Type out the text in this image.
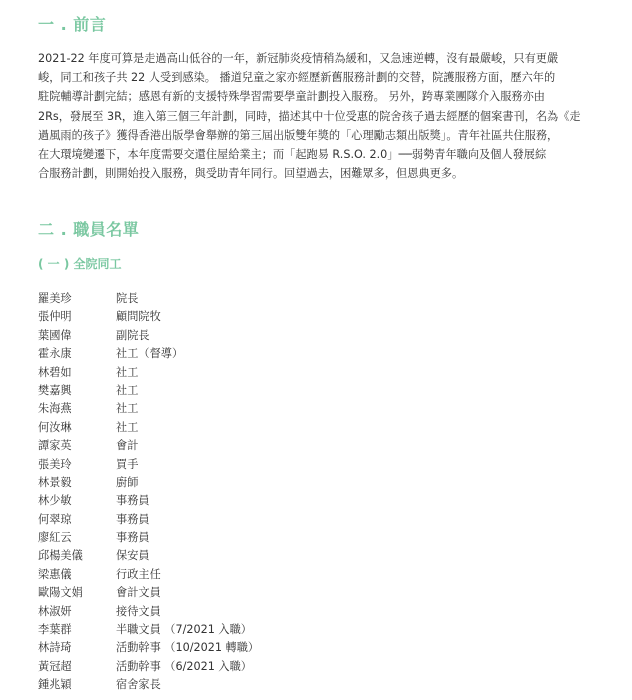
一 . 前言
2021-22 年度可算是走過高山低谷的一年，新冠肺炎疫情稍為緩和，又急速逆轉，沒有最嚴峻，只有更嚴
峻，同工和孩子共 22 人受到感染。 播道兒童之家亦經歷新舊服務計劃的交替，院護服務方面，歷六年的
駐院輔導計劃完結；感恩有新的支援特殊學習需要學童計劃投入服務。 另外，跨專業團隊介入服務亦由
2Rs，發展至 3R，進入第三個三年計劃，同時，描述其中十位受惠的院舍孩子過去經歷的個案書刊，名為《走
過風雨的孩子》獲得香港出版學會舉辦的第三屆出版雙年獎的「心理勵志類出版獎」。青年社區共住服務，
在大環境變遷下，本年度需要交還住屋給業主；而「起跑易 R.S.O. 2.0」──弱勢青年職向及個人發展綜
合服務計劃，則開始投入服務，與受助青年同行。回望過去，困難眾多，但恩典更多。
二 . 職員名單
( 一 ) 全院同工
羅美珍	院長
張仲明	顧問院牧
葉國偉	副院長
霍永康	社工（督導）
林碧如	社工
樊嘉興	社工
朱海燕	社工
何汝琳	社工
譚家英	會計
張美玲	買手
林景毅	廚師
林少敏	事務員
何翠琼	事務員
廖紅云	事務員
邱楊美儀	保安員
梁惠儀	行政主任
歐陽文娟	會計文員
林淑妍	接待文員
李葉群	半職文員 （7/2021 入職）
林詩琦	活動幹事 （10/2021 轉職）
黃冠超	活動幹事 （6/2021 入職）
鍾兆穎	宿舍家長
